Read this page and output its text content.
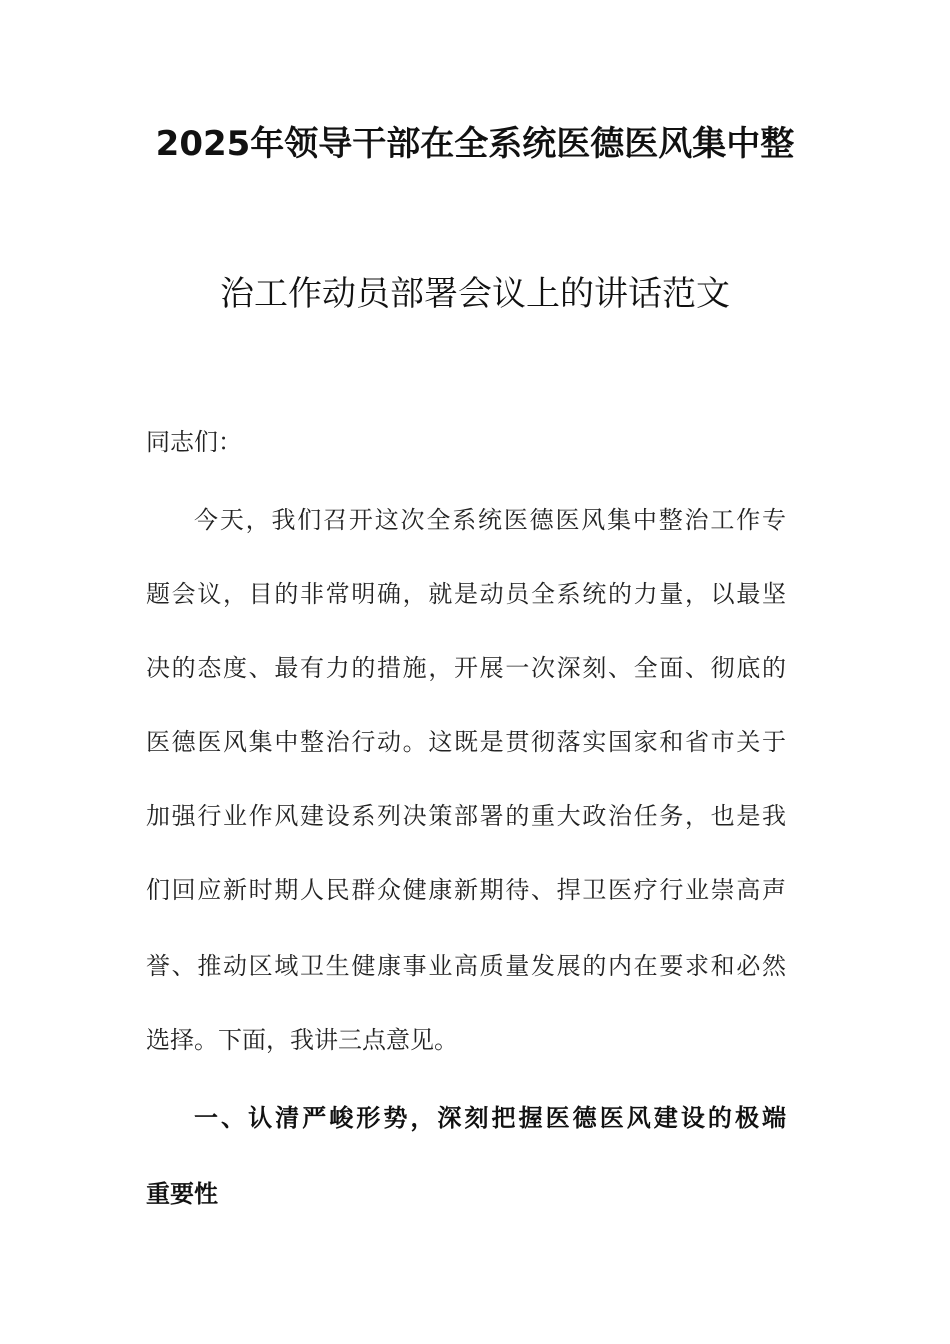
2025年领导干部在全系统医德医风集中整
治工作动员部署会议上的讲话范文
同志们：
今天，我们召开这次全系统医德医风集中整治工作专
题会议，目的非常明确，就是动员全系统的力量，以最坚
决的态度、最有力的措施，开展一次深刻、全面、彻底的
医德医风集中整治行动。这既是贯彻落实国家和省市关于
加强行业作风建设系列决策部署的重大政治任务，也是我
们回应新时期人民群众健康新期待、捍卫医疗行业崇高声
誉、推动区域卫生健康事业高质量发展的内在要求和必然
选择。下面，我讲三点意见。
一、认清严峻形势，深刻把握医德医风建设的极端
重要性
